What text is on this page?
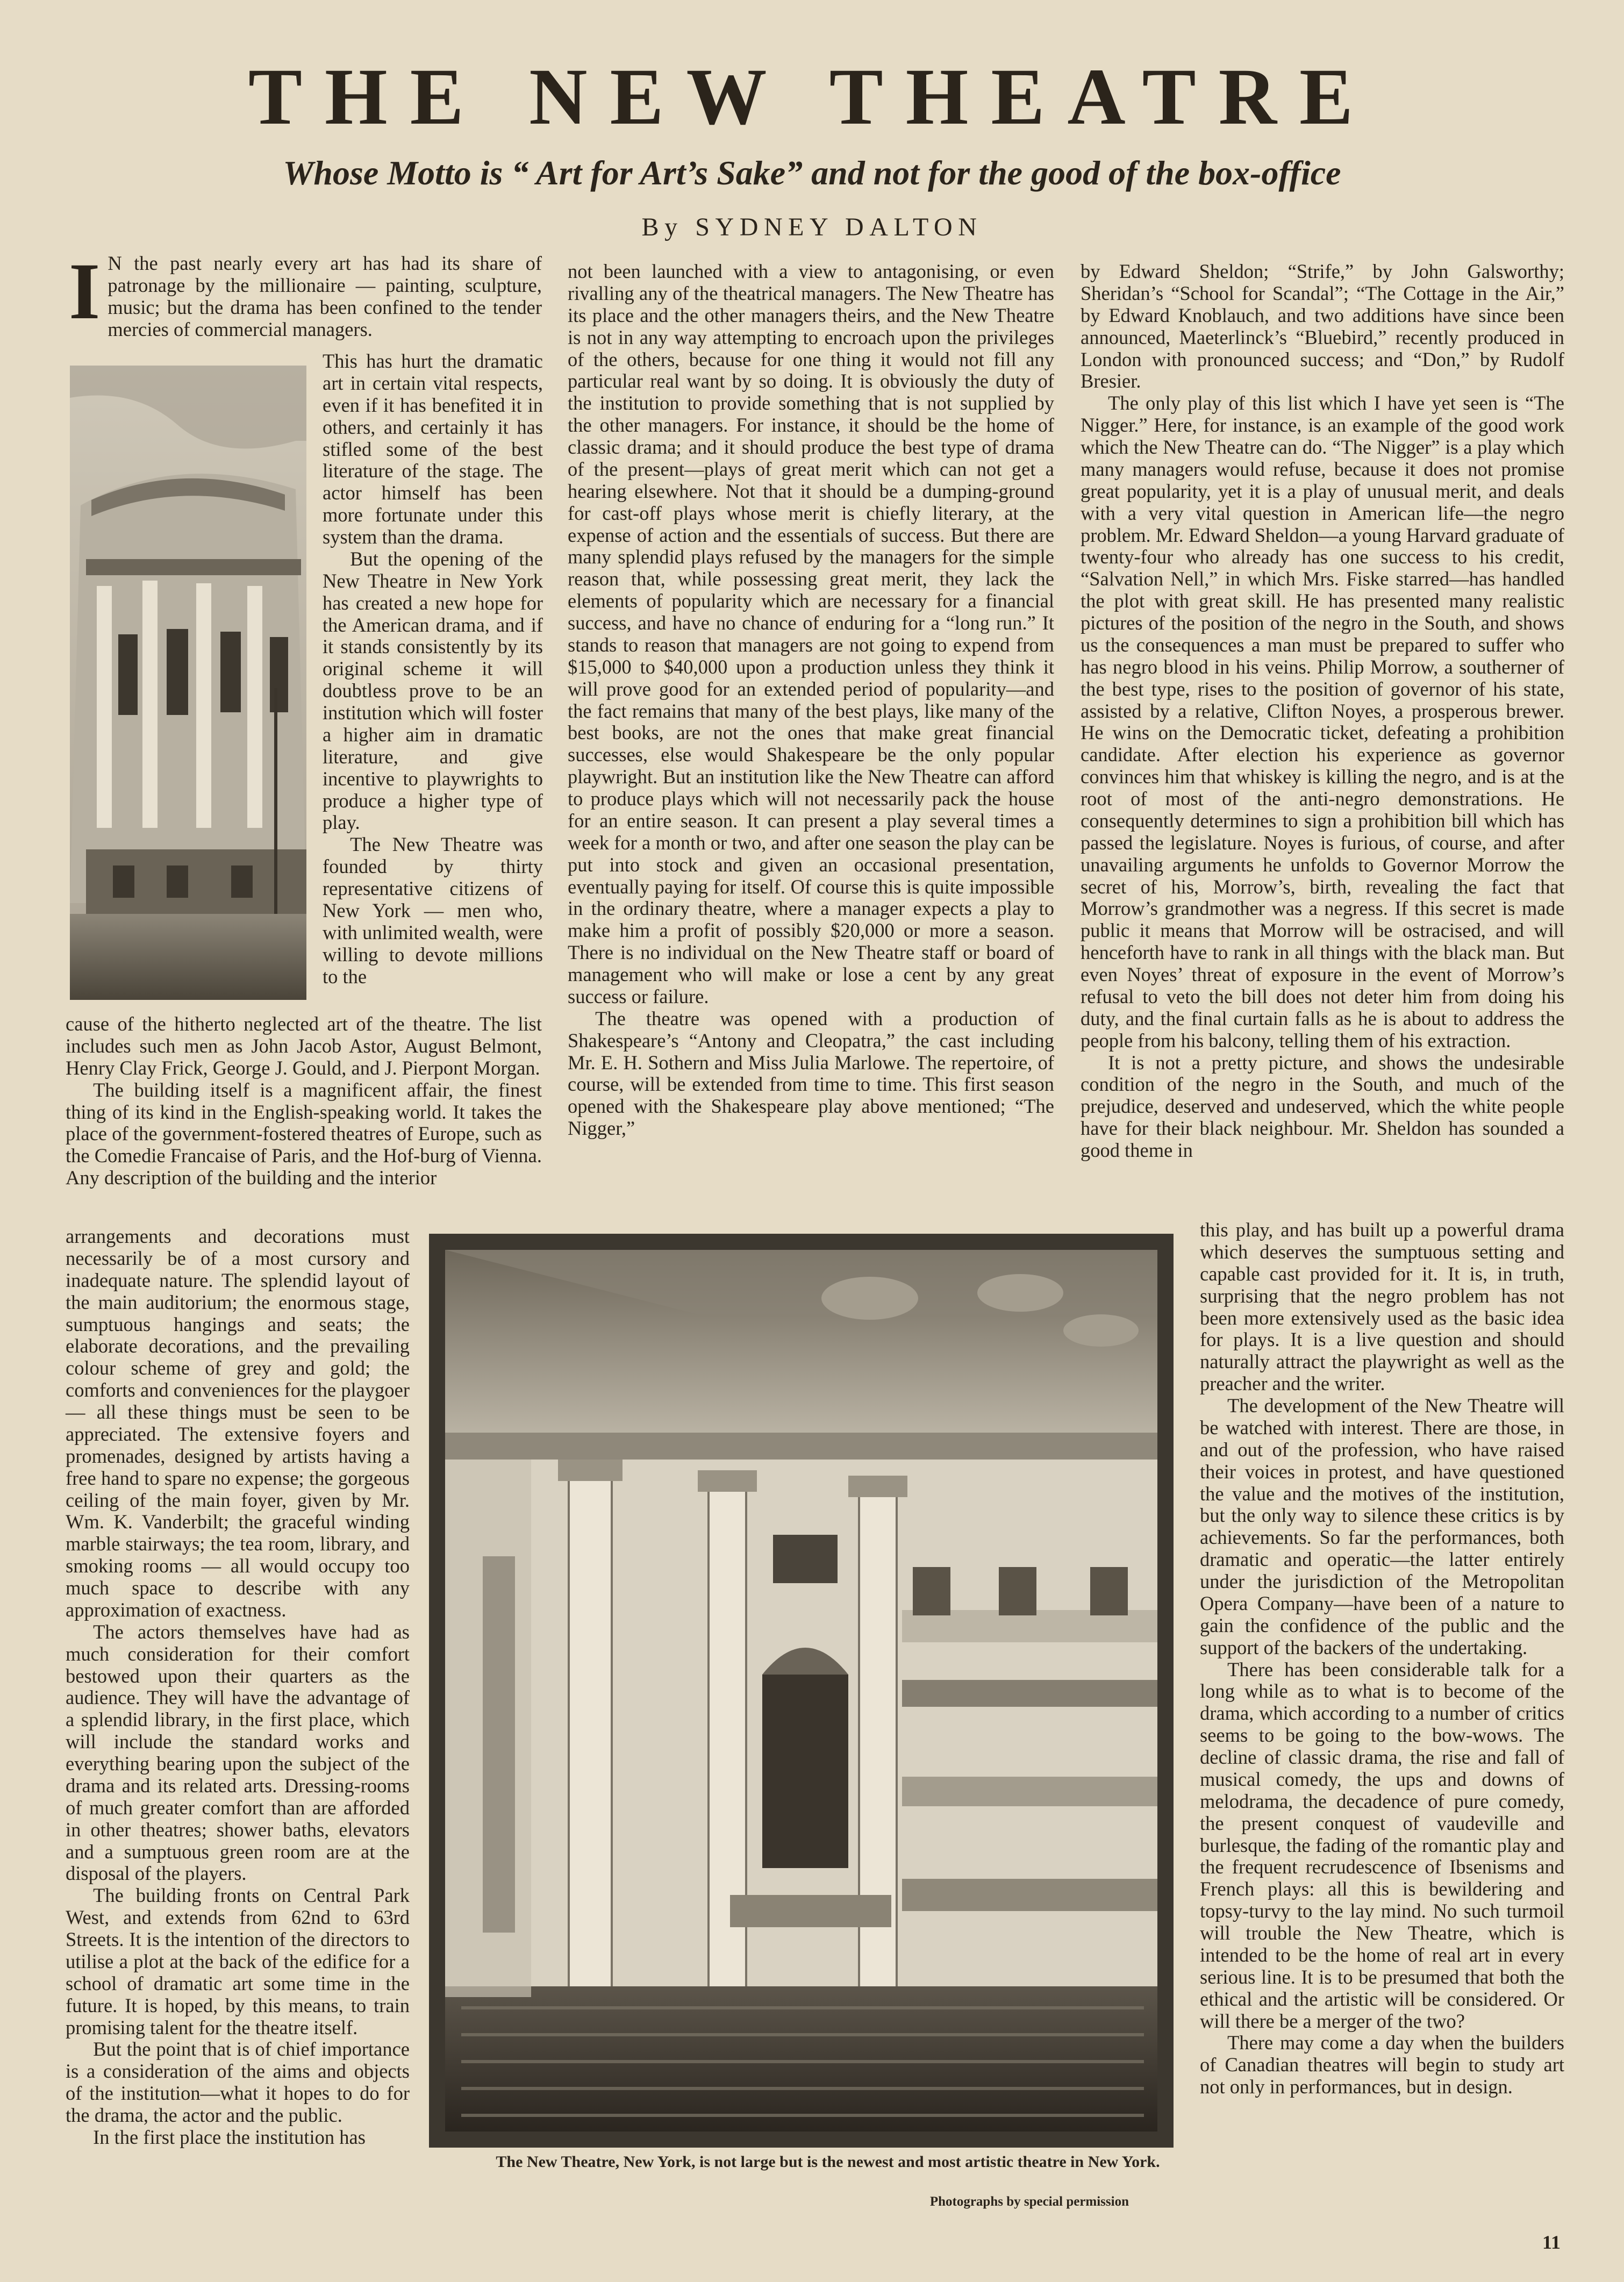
THE NEW THEATRE
Whose Motto is “ Art for Art’s Sake” and not for the good of the box-office
By SYDNEY DALTON

I N the past nearly every art has had its share of patronage by the millionaire — painting, sculpture, music; but the drama has been confined to the tender mercies of commercial managers.

This has hurt the dramatic art in certain vital respects, even if it has benefited it in others, and certainly it has stifled some of the best literature of the stage. The actor himself has been more fortunate under this system than the drama.

But the opening of the New Theatre in New York has created a new hope for the American drama, and if it stands consistently by its original scheme it will doubtless prove to be an institution which will foster a higher aim in dramatic literature, and give incentive to playwrights to produce a higher type of play.

The New Theatre was founded by thirty representative citizens of New York — men who, with unlimited wealth, were willing to devote millions to the

cause of the hitherto neglected art of the theatre. The list includes such men as John Jacob Astor, August Belmont, Henry Clay Frick, George J. Gould, and J. Pierpont Morgan.

The building itself is a magnificent affair, the finest thing of its kind in the English-speaking world. It takes the place of the government-fostered theatres of Europe, such as the Comedie Francaise of Paris, and the Hof-burg of Vienna. Any description of the building and the interior

arrangements and decorations must necessarily be of a most cursory and inadequate nature. The splendid layout of the main auditorium; the enormous stage, sumptuous hangings and seats; the elaborate decorations, and the prevailing colour scheme of grey and gold; the comforts and conveniences for the playgoer — all these things must be seen to be appreciated. The extensive foyers and promenades, designed by artists having a free hand to spare no expense; the gorgeous ceiling of the main foyer, given by Mr. Wm. K. Vanderbilt; the graceful winding marble stairways; the tea room, library, and smoking rooms — all would occupy too much space to describe with any approximation of exactness.

The actors themselves have had as much consideration for their comfort bestowed upon their quarters as the audience. They will have the advantage of a splendid library, in the first place, which will include the standard works and everything bearing upon the subject of the drama and its related arts. Dressing-rooms of much greater comfort than are afforded in other theatres; shower baths, elevators and a sumptuous green room are at the disposal of the players.

The building fronts on Central Park West, and extends from 62nd to 63rd Streets. It is the intention of the directors to utilise a plot at the back of the edifice for a school of dramatic art some time in the future. It is hoped, by this means, to train promising talent for the theatre itself.

But the point that is of chief importance is a consideration of the aims and objects of the institution—what it hopes to do for the drama, the actor and the public.

In the first place the institution has

not been launched with a view to antagonising, or even rivalling any of the theatrical managers. The New Theatre has its place and the other managers theirs, and the New Theatre is not in any way attempting to encroach upon the privileges of the others, because for one thing it would not fill any particular real want by so doing. It is obviously the duty of the institution to provide something that is not supplied by the other managers. For instance, it should be the home of classic drama; and it should produce the best type of drama of the present—plays of great merit which can not get a hearing elsewhere. Not that it should be a dumping-ground for cast-off plays whose merit is chiefly literary, at the expense of action and the essentials of success. But there are many splendid plays refused by the managers for the simple reason that, while possessing great merit, they lack the elements of popularity which are necessary for a financial success, and have no chance of enduring for a “long run.” It stands to reason that managers are not going to expend from $15,000 to $40,000 upon a production unless they think it will prove good for an extended period of popularity—and the fact remains that many of the best plays, like many of the best books, are not the ones that make great financial successes, else would Shakespeare be the only popular playwright. But an institution like the New Theatre can afford to produce plays which will not necessarily pack the house for an entire season. It can present a play several times a week for a month or two, and after one season the play can be put into stock and given an occasional presentation, eventually paying for itself. Of course this is quite impossible in the ordinary theatre, where a manager expects a play to make him a profit of possibly $20,000 or more a season. There is no individual on the New Theatre staff or board of management who will make or lose a cent by any great success or failure.

The theatre was opened with a production of Shakespeare’s “Antony and Cleopatra,” the cast including Mr. E. H. Sothern and Miss Julia Marlowe. The repertoire, of course, will be extended from time to time. This first season opened with the Shakespeare play above mentioned; “The Nigger,”

by Edward Sheldon; “Strife,” by John Galsworthy; Sheridan’s “School for Scandal”; “The Cottage in the Air,” by Edward Knoblauch, and two additions have since been announced, Maeterlinck’s “Bluebird,” recently produced in London with pronounced success; and “Don,” by Rudolf Bresier.

The only play of this list which I have yet seen is “The Nigger.” Here, for instance, is an example of the good work which the New Theatre can do. “The Nigger” is a play which many managers would refuse, because it does not promise great popularity, yet it is a play of unusual merit, and deals with a very vital question in American life—the negro problem. Mr. Edward Sheldon—a young Harvard graduate of twenty-four who already has one success to his credit, “Salvation Nell,” in which Mrs. Fiske starred—has handled the plot with great skill. He has presented many realistic pictures of the position of the negro in the South, and shows us the consequences a man must be prepared to suffer who has negro blood in his veins. Philip Morrow, a southerner of the best type, rises to the position of governor of his state, assisted by a relative, Clifton Noyes, a prosperous brewer. He wins on the Democratic ticket, defeating a prohibition candidate. After election his experience as governor convinces him that whiskey is killing the negro, and is at the root of most of the anti-negro demonstrations. He consequently determines to sign a prohibition bill which has passed the legislature. Noyes is furious, of course, and after unavailing arguments he unfolds to Governor Morrow the secret of his, Morrow’s, birth, revealing the fact that Morrow’s grandmother was a negress. If this secret is made public it means that Morrow will be ostracised, and will henceforth have to rank in all things with the black man. But even Noyes’ threat of exposure in the event of Morrow’s refusal to veto the bill does not deter him from doing his duty, and the final curtain falls as he is about to address the people from his balcony, telling them of his extraction.

It is not a pretty picture, and shows the undesirable condition of the negro in the South, and much of the prejudice, deserved and undeserved, which the white people have for their black neighbour. Mr. Sheldon has sounded a good theme in

this play, and has built up a powerful drama which deserves the sumptuous setting and capable cast provided for it. It is, in truth, surprising that the negro problem has not been more extensively used as the basic idea for plays. It is a live question and should naturally attract the playwright as well as the preacher and the writer.

The development of the New Theatre will be watched with interest. There are those, in and out of the profession, who have raised their voices in protest, and have questioned the value and the motives of the institution, but the only way to silence these critics is by achievements. So far the performances, both dramatic and operatic—the latter entirely under the jurisdiction of the Metropolitan Opera Company—have been of a nature to gain the confidence of the public and the support of the backers of the undertaking.

There has been considerable talk for a long while as to what is to become of the drama, which according to a number of critics seems to be going to the bow-wows. The decline of classic drama, the rise and fall of musical comedy, the ups and downs of melodrama, the decadence of pure comedy, the present conquest of vaudeville and burlesque, the fading of the romantic play and the frequent recrudescence of Ibsenisms and French plays: all this is bewildering and topsy-turvy to the lay mind. No such turmoil will trouble the New Theatre, which is intended to be the home of real art in every serious line. It is to be presumed that both the ethical and the artistic will be considered. Or will there be a merger of the two?

There may come a day when the builders of Canadian theatres will begin to study art not only in performances, but in design.

The New Theatre, New York, is not large but is the newest and most artistic theatre in New York.

Photographs by special permission

11
